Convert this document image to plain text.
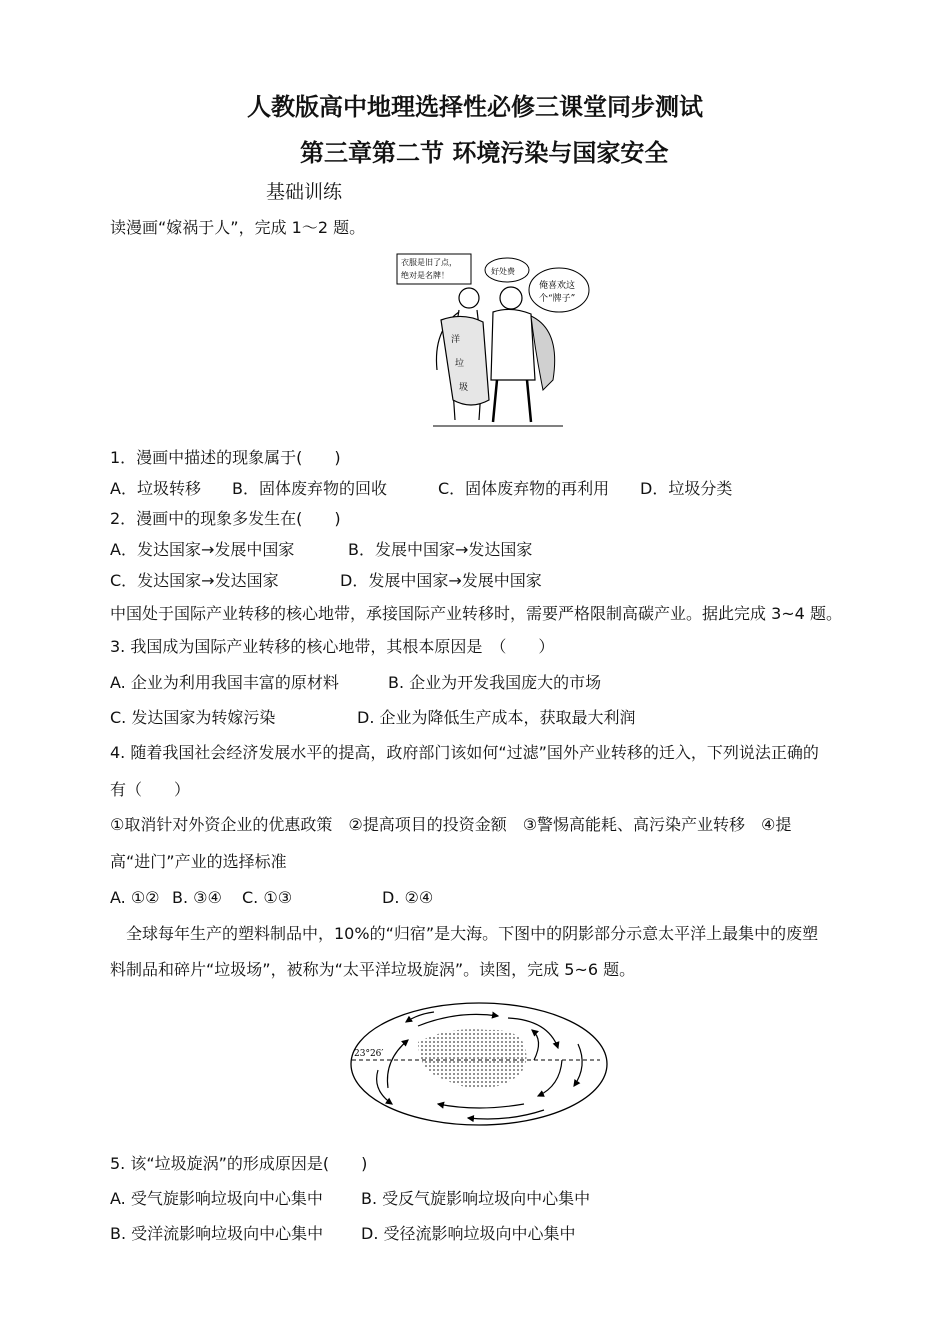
人教版高中地理选择性必修三课堂同步测试
第三章第二节 环境污染与国家安全
基础训练
读漫画“嫁祸于人”，完成 1～2 题。
衣服是旧了点，
绝对是名牌！	好处费
俺喜欢这
个“牌子”
洋
垃
圾
1．漫画中描述的现象属于(　　)
A．垃圾转移 B．固体废弃物的回收	C．固体废弃物的再利用 D．垃圾分类
2．漫画中的现象多发生在(　　)
A．发达国家→发展中国家	B．发展中国家→发达国家
C．发达国家→发达国家	D．发展中国家→发展中国家
中国处于国际产业转移的核心地带，承接国际产业转移时，需要严格限制高碳产业。据此完成 3~4 题。
3. 我国成为国际产业转移的核心地带，其根本原因是　（　　）
A. 企业为利用我国丰富的原材料	B. 企业为开发我国庞大的市场
C. 发达国家为转嫁污染	D. 企业为降低生产成本，获取最大利润
4. 随着我国社会经济发展水平的提高，政府部门该如何“过滤”国外产业转移的迁入，下列说法正确的
有（　　）
①取消针对外资企业的优惠政策　②提高项目的投资金额　③警惕高能耗、高污染产业转移　④提
高“进门”产业的选择标准
A. ①② B. ③④ C. ①③	D. ②④
全球每年生产的塑料制品中，10%的“归宿”是大海。下图中的阴影部分示意太平洋上最集中的废塑
料制品和碎片“垃圾场”，被称为“太平洋垃圾旋涡”。读图，完成 5~6 题。
23°26′
5. 该“垃圾旋涡”的形成原因是(　　)
A. 受气旋影响垃圾向中心集中 B. 受反气旋影响垃圾向中心集中
B. 受洋流影响垃圾向中心集中 D. 受径流影响垃圾向中心集中
